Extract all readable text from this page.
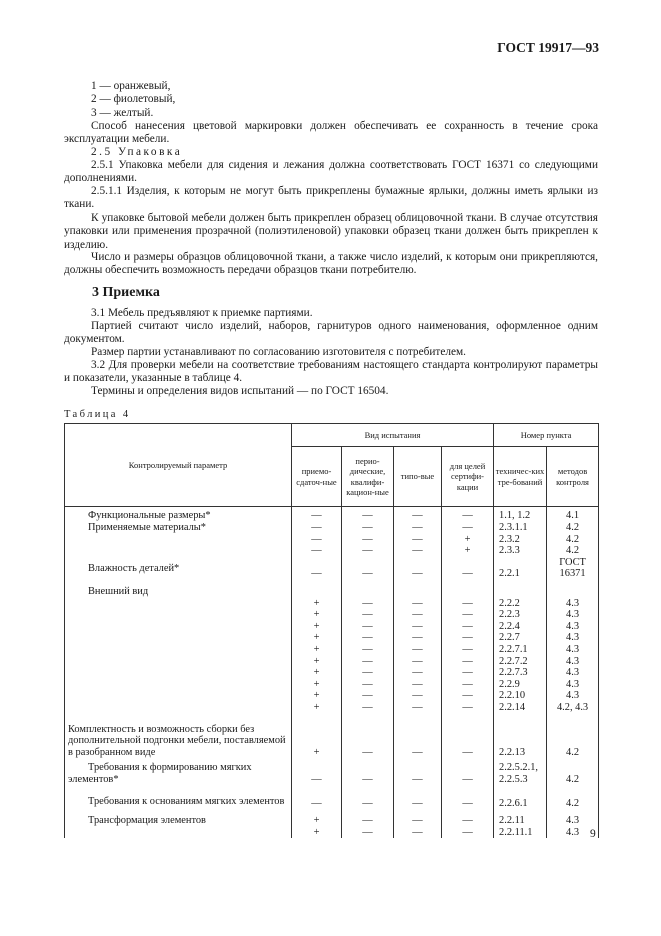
ГОСТ 19917—93
1 — оранжевый,
2 — фиолетовый,
3 — желтый.
Способ нанесения цветовой маркировки должен обеспечивать ее сохранность в течение срока эксплуатации мебели.
2.5 Упаковка
2.5.1 Упаковка мебели для сидения и лежания должна соответствовать ГОСТ 16371 со следующими дополнениями.
2.5.1.1 Изделия, к которым не могут быть прикреплены бумажные ярлыки, должны иметь ярлыки из ткани.
К упаковке бытовой мебели должен быть прикреплен образец облицовочной ткани. В случае отсутствия упаковки или применения прозрачной (полиэтиленовой) упаковки образец ткани должен быть прикреплен к изделию.
Число и размеры образцов облицовочной ткани, а также число изделий, к которым они прикрепляются, должны обеспечить возможность передачи образцов ткани потребителю.
3 Приемка
3.1 Мебель предъявляют к приемке партиями.
Партией считают число изделий, наборов, гарнитуров одного наименования, оформленное одним документом.
Размер партии устанавливают по согласованию изготовителя с потребителем.
3.2 Для проверки мебели на соответствие требованиям настоящего стандарта контролируют параметры и показатели, указанные в таблице 4.
Термины и определения видов испытаний — по ГОСТ 16504.
Таблица 4
Контролируемый параметр	Вид испытания				Номер пункта	
	приемо-сдаточ-ные	перио-дические, квалифи-кацион-ные	типо-вые	для целей сертифи-кации	техничес-ких тре-бований	методов контроля
Функциональные размеры*	—	—	—	—	1.1, 1.2	4.1
Применяемые материалы*	—	—	—	—	2.3.1.1	4.2
	—	—	—	+	2.3.2	4.2
	—	—	—	+	2.3.3	4.2
Влажность деталей*	—	—	—	—	2.2.1	ГОСТ 16371
Внешний вид						
	+	—	—	—	2.2.2	4.3
	+	—	—	—	2.2.3	4.3
	+	—	—	—	2.2.4	4.3
	+	—	—	—	2.2.7	4.3
	+	—	—	—	2.2.7.1	4.3
	+	—	—	—	2.2.7.2	4.3
	+	—	—	—	2.2.7.3	4.3
	+	—	—	—	2.2.9	4.3
	+	—	—	—	2.2.10	4.3
	+	—	—	—	2.2.14	4.2, 4.3
Комплектность и возможность сборки без дополнительной подгонки мебели, поставляемой в разобранном виде	+	—	—	—	2.2.13	4.2
Требования к формированию мягких элементов*	—	—	—	—	2.2.5.2.1, 2.2.5.3	4.2
Требования к основаниям мягких элементов	—	—	—	—	2.2.6.1	4.2
Трансформация элементов	+	—	—	—	2.2.11	4.3
	+	—	—	—	2.2.11.1	4.3 9
